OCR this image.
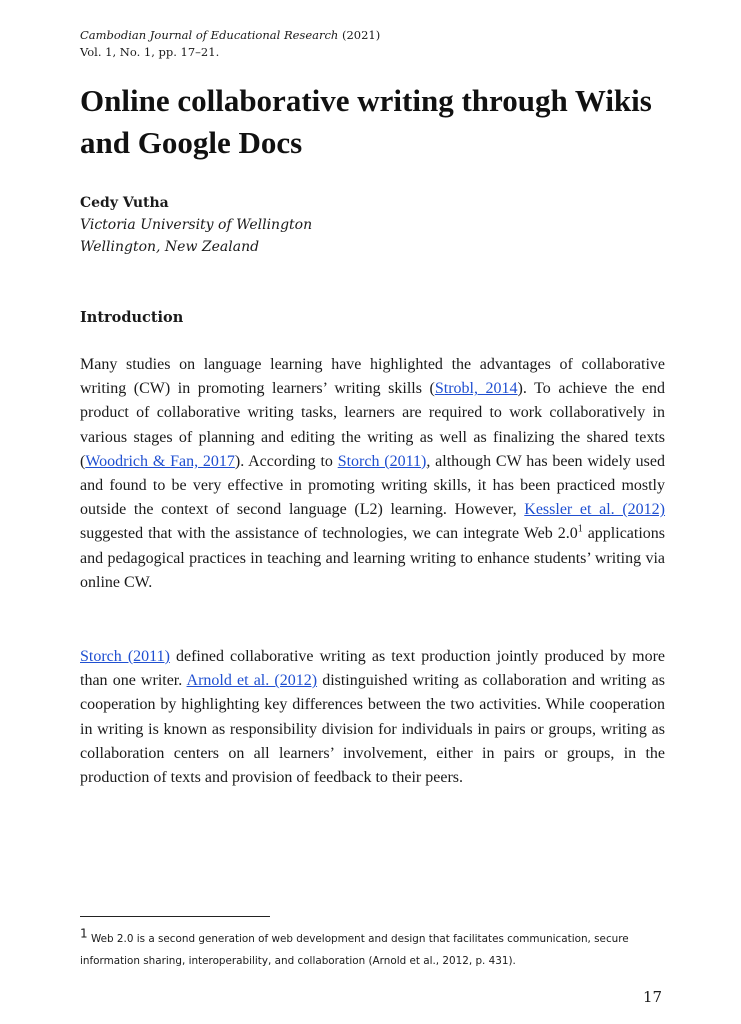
Cambodian Journal of Educational Research (2021)
Vol. 1, No. 1, pp. 17–21.
Online collaborative writing through Wikis and Google Docs
Cedy Vutha
Victoria University of Wellington
Wellington, New Zealand
Introduction

Many studies on language learning have highlighted the advantages of collaborative writing (CW) in promoting learners’ writing skills (Strobl, 2014). To achieve the end product of collaborative writing tasks, learners are required to work collaboratively in various stages of planning and editing the writing as well as finalizing the shared texts (Woodrich & Fan, 2017). According to Storch (2011), although CW has been widely used and found to be very effective in promoting writing skills, it has been practiced mostly outside the context of second language (L2) learning. However, Kessler et al. (2012) suggested that with the assistance of technologies, we can integrate Web $2.0^1$ applications and pedagogical practices in teaching and learning writing to enhance students’ writing via online CW.

Storch (2011) defined collaborative writing as text production jointly produced by more than one writer. Arnold et al. (2012) distinguished writing as collaboration and writing as cooperation by highlighting key differences between the two activities. While cooperation in writing is known as responsibility division for individuals in pairs or groups, writing as collaboration centers on all learners’ involvement, either in pairs or groups, in the production of texts and provision of feedback to their peers.

$^1$ Web 2.0 is a second generation of web development and design that facilitates communication, secure information sharing, interoperability, and collaboration (Arnold et al., 2012, p. 431).

17
